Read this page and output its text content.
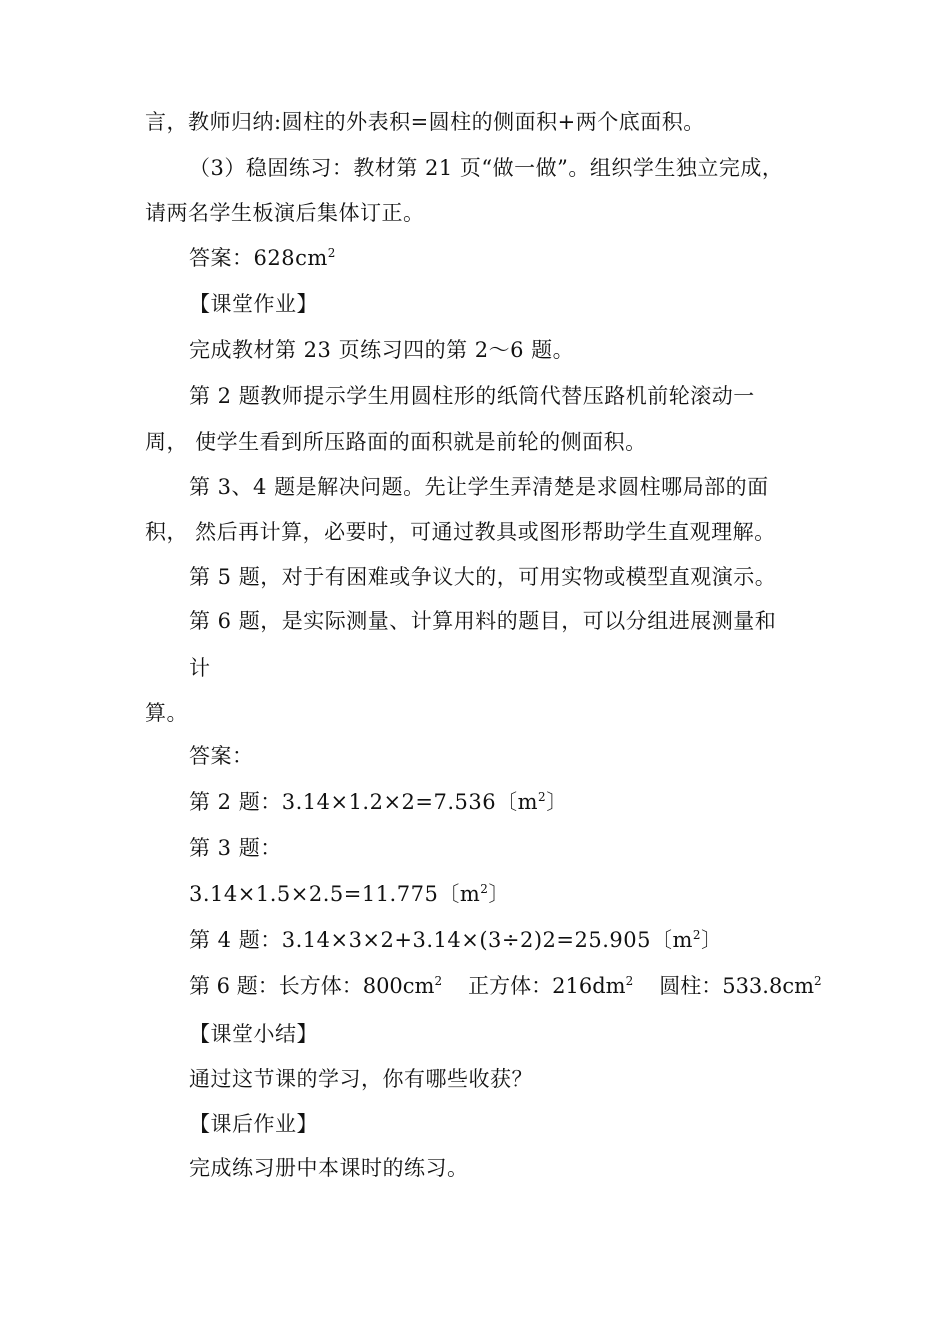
言，教师归纳:圆柱的外表积=圆柱的侧面积+两个底面积。
（3）稳固练习：教材第 21 页“做一做”。组织学生独立完成，
请两名学生板演后集体订正。
答案：$628cm^2$
【课堂作业】
完成教材第 23 页练习四的第 2～6 题。
第 2 题教师提示学生用圆柱形的纸筒代替压路机前轮滚动一
周， 使学生看到所压路面的面积就是前轮的侧面积。
第 3、4 题是解决问题。先让学生弄清楚是求圆柱哪局部的面
积， 然后再计算，必要时，可通过教具或图形帮助学生直观理解。
第 5 题，对于有困难或争议大的，可用实物或模型直观演示。
第 6 题，是实际测量、计算用料的题目，可以分组进展测量和
计
算。
答案：
第 2 题：3.14×1.2×2=7.536〔$m^2$〕
第 3 题：
3.14×1.5×2.5=11.775〔$m^2$〕
第 4 题：3.14×3×2+3.14×(3÷2)2=25.905〔$m^2$〕
第 6 题：长方体：$800cm^2$ 正方体：$216dm^2$ 圆柱：$533.8cm^2$
【课堂小结】
通过这节课的学习，你有哪些收获？
【课后作业】
完成练习册中本课时的练习。
